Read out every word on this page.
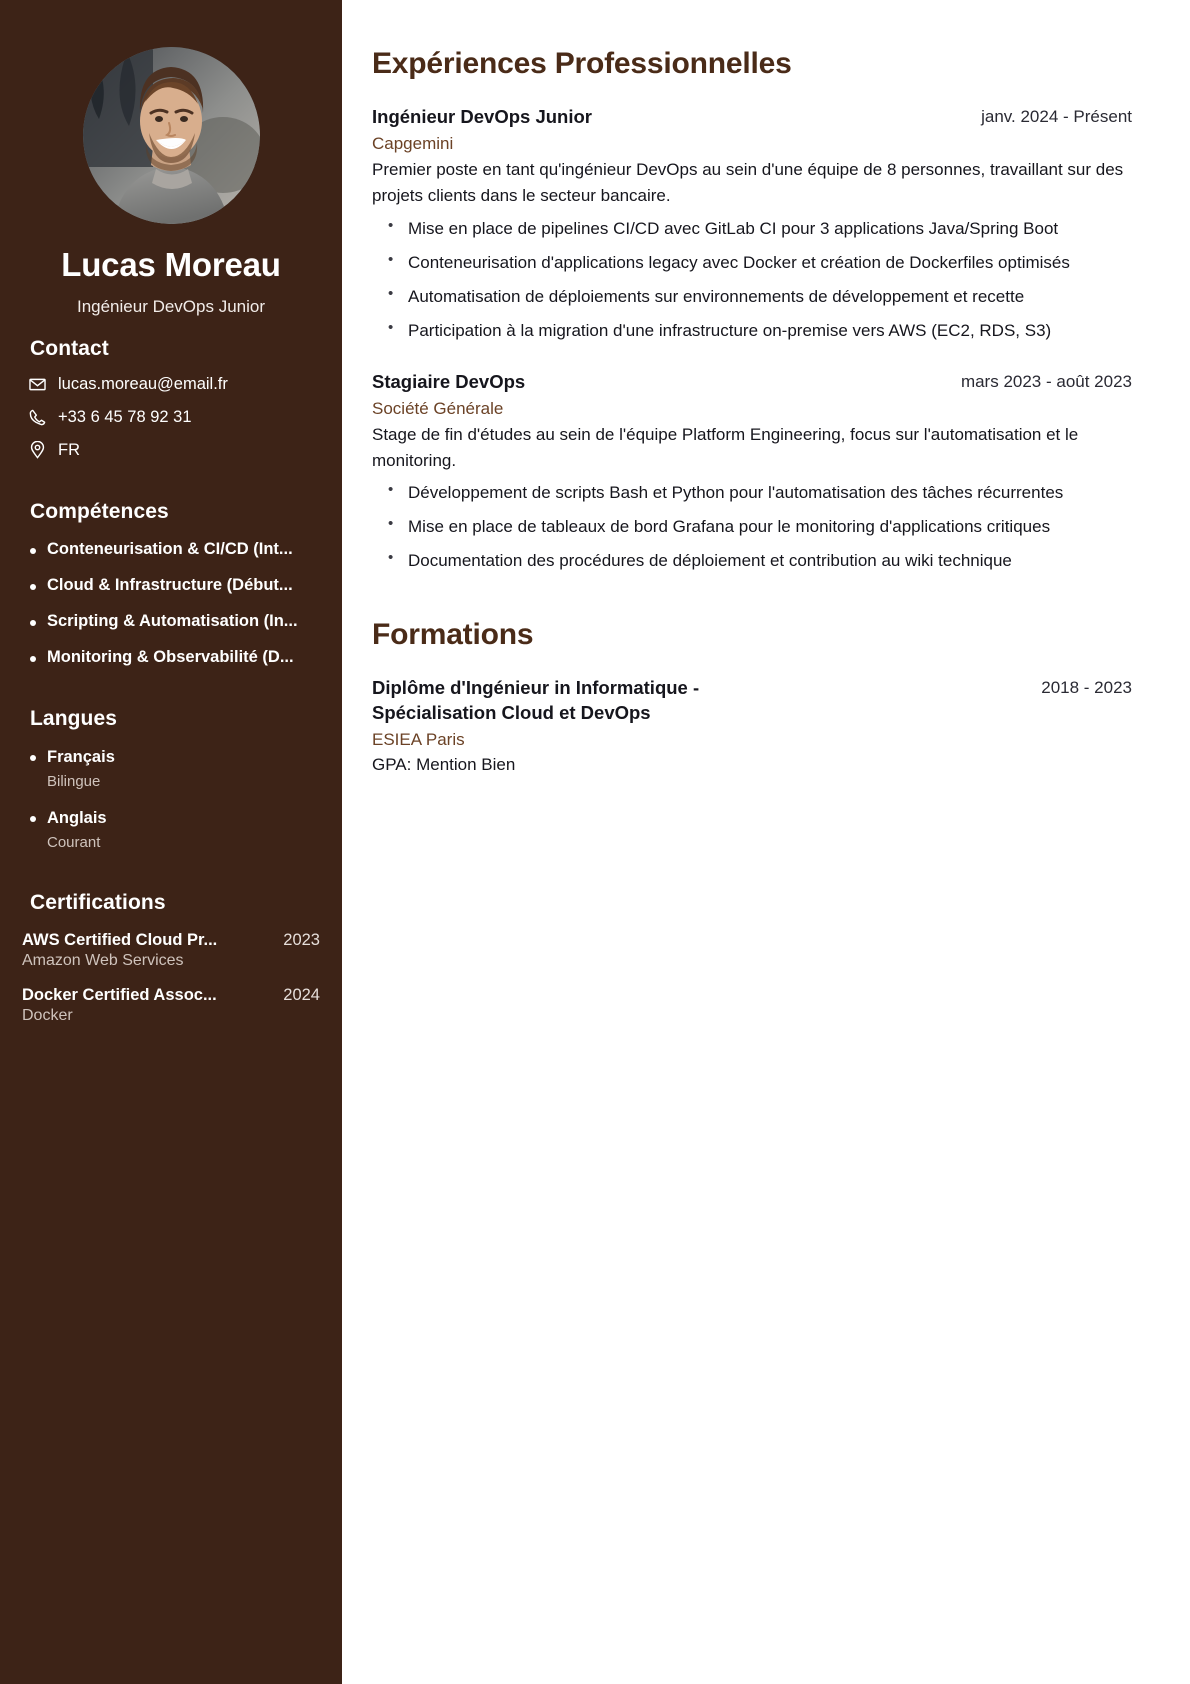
Lucas Moreau
Ingénieur DevOps Junior
Contact
lucas.moreau@email.fr
+33 6 45 78 92 31
FR
Compétences
Conteneurisation & CI/CD (Int...
Cloud & Infrastructure (Début...
Scripting & Automatisation (In...
Monitoring & Observabilité (D...
Langues
Français
Bilingue
Anglais
Courant
Certifications
AWS Certified Cloud Pr...	2023
Amazon Web Services
Docker Certified Assoc...	2024
Docker
Expériences Professionnelles
Ingénieur DevOps Junior	janv. 2024 - Présent
Capgemini
Premier poste en tant qu'ingénieur DevOps au sein d'une équipe de 8 personnes, travaillant sur des projets clients dans le secteur bancaire.
• Mise en place de pipelines CI/CD avec GitLab CI pour 3 applications Java/Spring Boot
• Conteneurisation d'applications legacy avec Docker et création de Dockerfiles optimisés
• Automatisation de déploiements sur environnements de développement et recette
• Participation à la migration d'une infrastructure on-premise vers AWS (EC2, RDS, S3)
Stagiaire DevOps	mars 2023 - août 2023
Société Générale
Stage de fin d'études au sein de l'équipe Platform Engineering, focus sur l'automatisation et le monitoring.
• Développement de scripts Bash et Python pour l'automatisation des tâches récurrentes
• Mise en place de tableaux de bord Grafana pour le monitoring d'applications critiques
• Documentation des procédures de déploiement et contribution au wiki technique
Formations
Diplôme d'Ingénieur in Informatique - Spécialisation Cloud et DevOps
2018 - 2023
ESIEA Paris
GPA: Mention Bien
